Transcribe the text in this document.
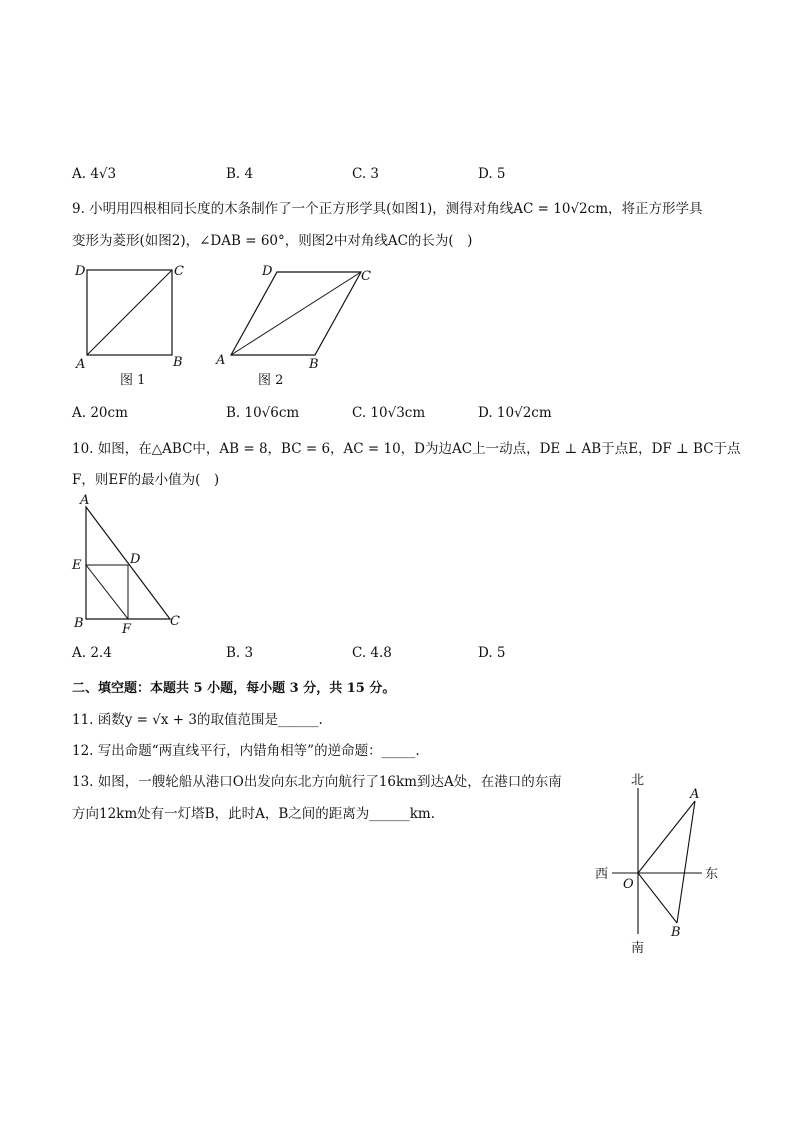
A. 4√3	B. 4	C. 3	D. 5
9. 小明用四根相同长度的木条制作了一个正方形学具(如图1)，测得对角线AC = 10√2cm，将正方形学具
变形为菱形(如图2)，∠DAB = 60°，则图2中对角线AC的长为(　)
D	C
A	B
图 1
D	C
A	B
图 2
A. 20cm	B. 10√6cm	C. 10√3cm	D. 10√2cm
10. 如图，在△ABC中，AB = 8，BC = 6，AC = 10，D为边AC上一动点，DE ⊥ AB于点E，DF ⊥ BC于点
F，则EF的最小值为(　)
A
D
E
B	F
C
A. 2.4	B. 3	C. 4.8	D. 5
二、填空题：本题共 5 小题，每小题 3 分，共 15 分。
11. 函数y = √x + 3的取值范围是______.
12. 写出命题“两直线平行，内错角相等”的逆命题：_____.
13. 如图，一艘轮船从港口O出发向东北方向航行了16km到达A处，在港口的东南
方向12km处有一灯塔B，此时A，B之间的距离为______km.
北
南
东
西
O
A
B
